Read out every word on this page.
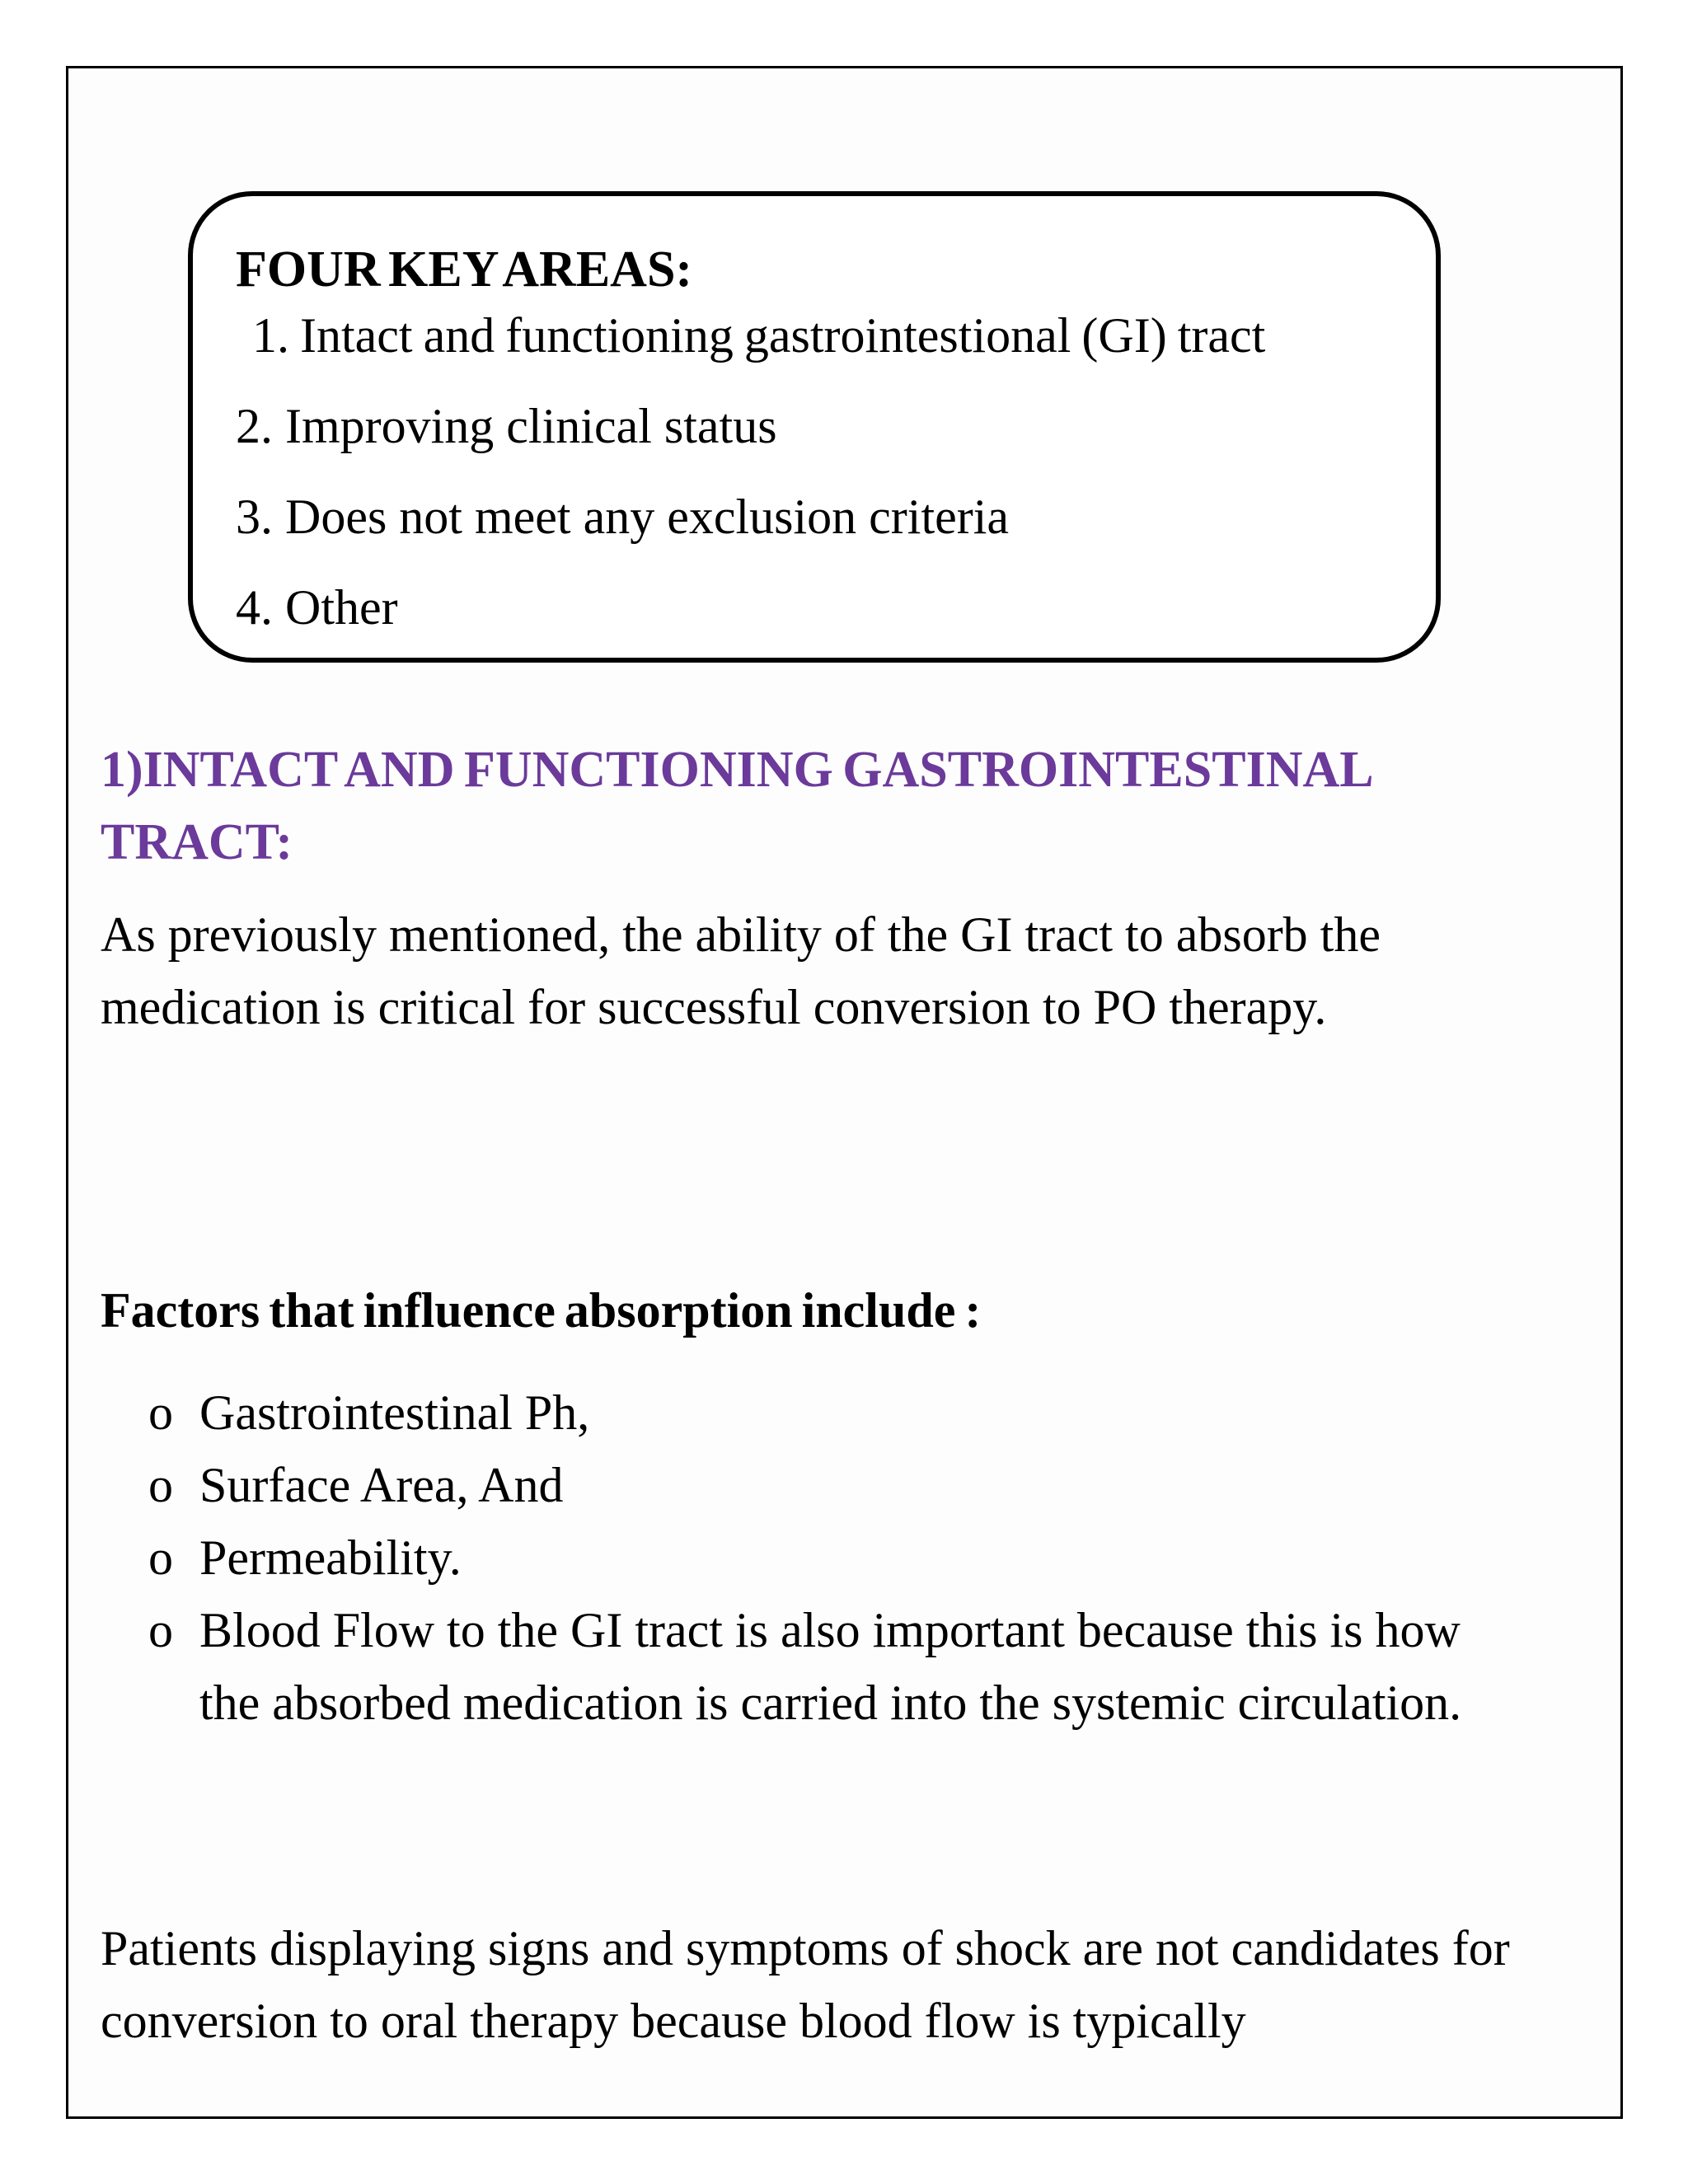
FOUR KEY AREAS:
1. Intact and functioning gastrointestional (GI) tract
2. Improving clinical status
3. Does not meet any exclusion criteria
4. Other
1)INTACT AND FUNCTIONING GASTROINTESTINAL TRACT:
As previously mentioned, the ability of the GI tract to absorb the medication is critical for successful conversion to PO therapy.
Factors that influence absorption include :
o Gastrointestinal Ph,
o Surface Area, And
o Permeability.
o Blood Flow to the GI tract is also important because this is how
the absorbed medication is carried into the systemic circulation.
Patients displaying signs and symptoms of shock are not candidates for conversion to oral therapy because blood flow is typically
